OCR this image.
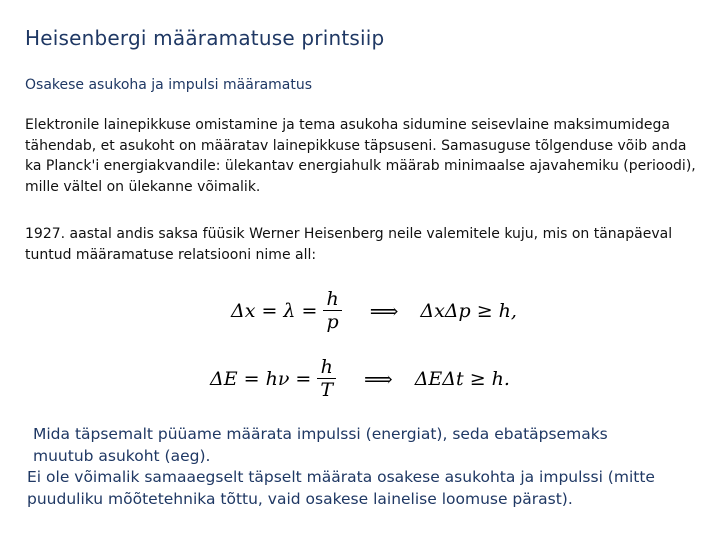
Heisenbergi määramatuse printsiip
Osakese asukoha ja impulsi määramatus
Elektronile lainepikkuse omistamine ja tema asukoha sidumine seisevlaine maksimumidega
tähendab, et asukoht on määratav lainepikkuse täpsuseni. Samasuguse tõlgenduse võib anda
ka Planck'i energiakvandile: ülekantav energiahulk määrab minimaalse ajavahemiku (perioodi),
mille vältel on ülekanne võimalik.
1927. aastal andis saksa füüsik Werner Heisenberg neile valemitele kuju, mis on tänapäeval
tuntud määramatuse relatsiooni nime all:
$\Delta x = \lambda = \frac{h}{p}$ ⟹ ΔxΔp ≥ h,
$\Delta E = h\nu = \frac{h}{T}$ ⟹ ΔEΔt ≥ h.
Mida täpsemalt püüame määrata impulssi (energiat), seda ebatäpsemaks
muutub asukoht (aeg).
Ei ole võimalik samaaegselt täpselt määrata osakese asukohta ja impulssi (mitte
puuduliku mõõtetehnika tõttu, vaid osakese lainelise loomuse pärast).
